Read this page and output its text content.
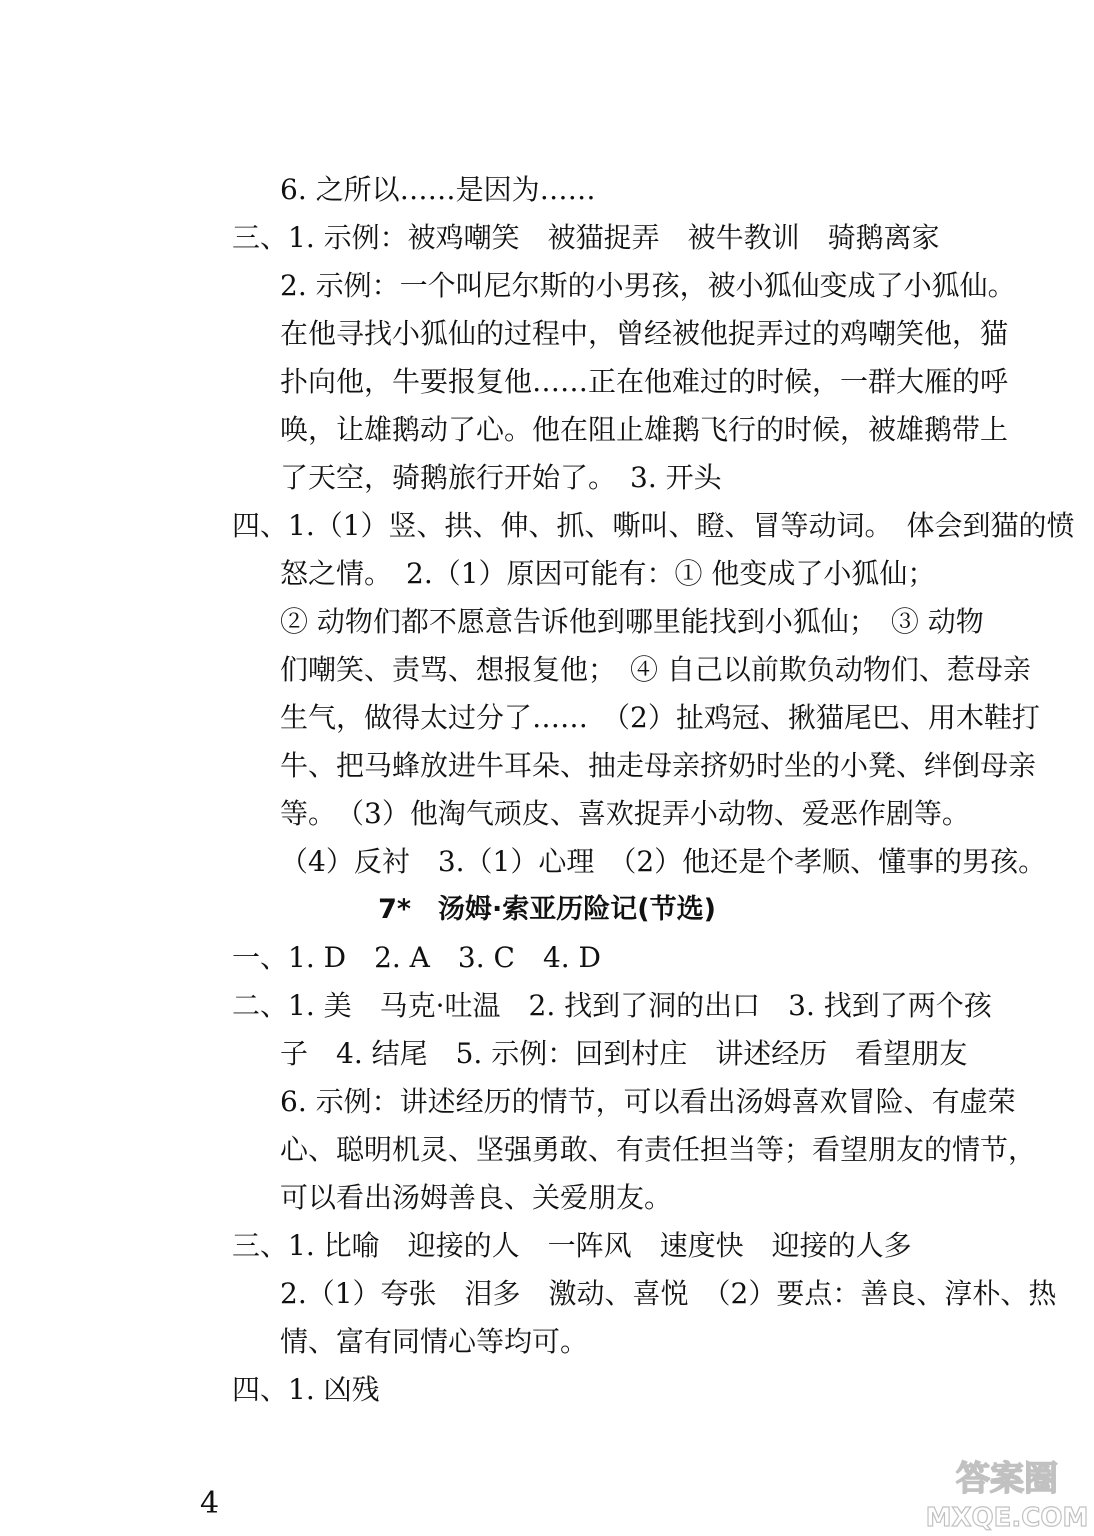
6. 之所以……是因为……
三、1. 示例：被鸡嘲笑　被猫捉弄　被牛教训　骑鹅离家
2. 示例：一个叫尼尔斯的小男孩，被小狐仙变成了小狐仙。
在他寻找小狐仙的过程中，曾经被他捉弄过的鸡嘲笑他，猫
扑向他，牛要报复他……正在他难过的时候，一群大雁的呼
唤，让雄鹅动了心。他在阻止雄鹅飞行的时候，被雄鹅带上
了天空，骑鹅旅行开始了。　3. 开头
四、1.（1）竖、拱、伸、抓、嘶叫、瞪、冒等动词。　体会到猫的愤
怒之情。　2.（1）原因可能有：① 他变成了小狐仙；
② 动物们都不愿意告诉他到哪里能找到小狐仙；　③ 动物
们嘲笑、责骂、想报复他；　④ 自己以前欺负动物们、惹母亲
生气，做得太过分了……　（2）扯鸡冠、揪猫尾巴、用木鞋打
牛、把马蜂放进牛耳朵、抽走母亲挤奶时坐的小凳、绊倒母亲
等。　（3）他淘气顽皮、喜欢捉弄小动物、爱恶作剧等。
（4）反衬　3.（1）心理　（2）他还是个孝顺、懂事的男孩。
7*　汤姆·索亚历险记(节选)
一、1. D　2. A　3. C　4. D
二、1. 美　马克·吐温　2. 找到了洞的出口　3. 找到了两个孩
子　4. 结尾　5. 示例：回到村庄　讲述经历　看望朋友
6. 示例：讲述经历的情节，可以看出汤姆喜欢冒险、有虚荣
心、聪明机灵、坚强勇敢、有责任担当等；看望朋友的情节，
可以看出汤姆善良、关爱朋友。
三、1. 比喻　迎接的人　一阵风　速度快　迎接的人多
2.（1）夸张　泪多　激动、喜悦　（2）要点：善良、淳朴、热
情、富有同情心等均可。
四、1. 凶残
4
答案圈
MXQE.COM
